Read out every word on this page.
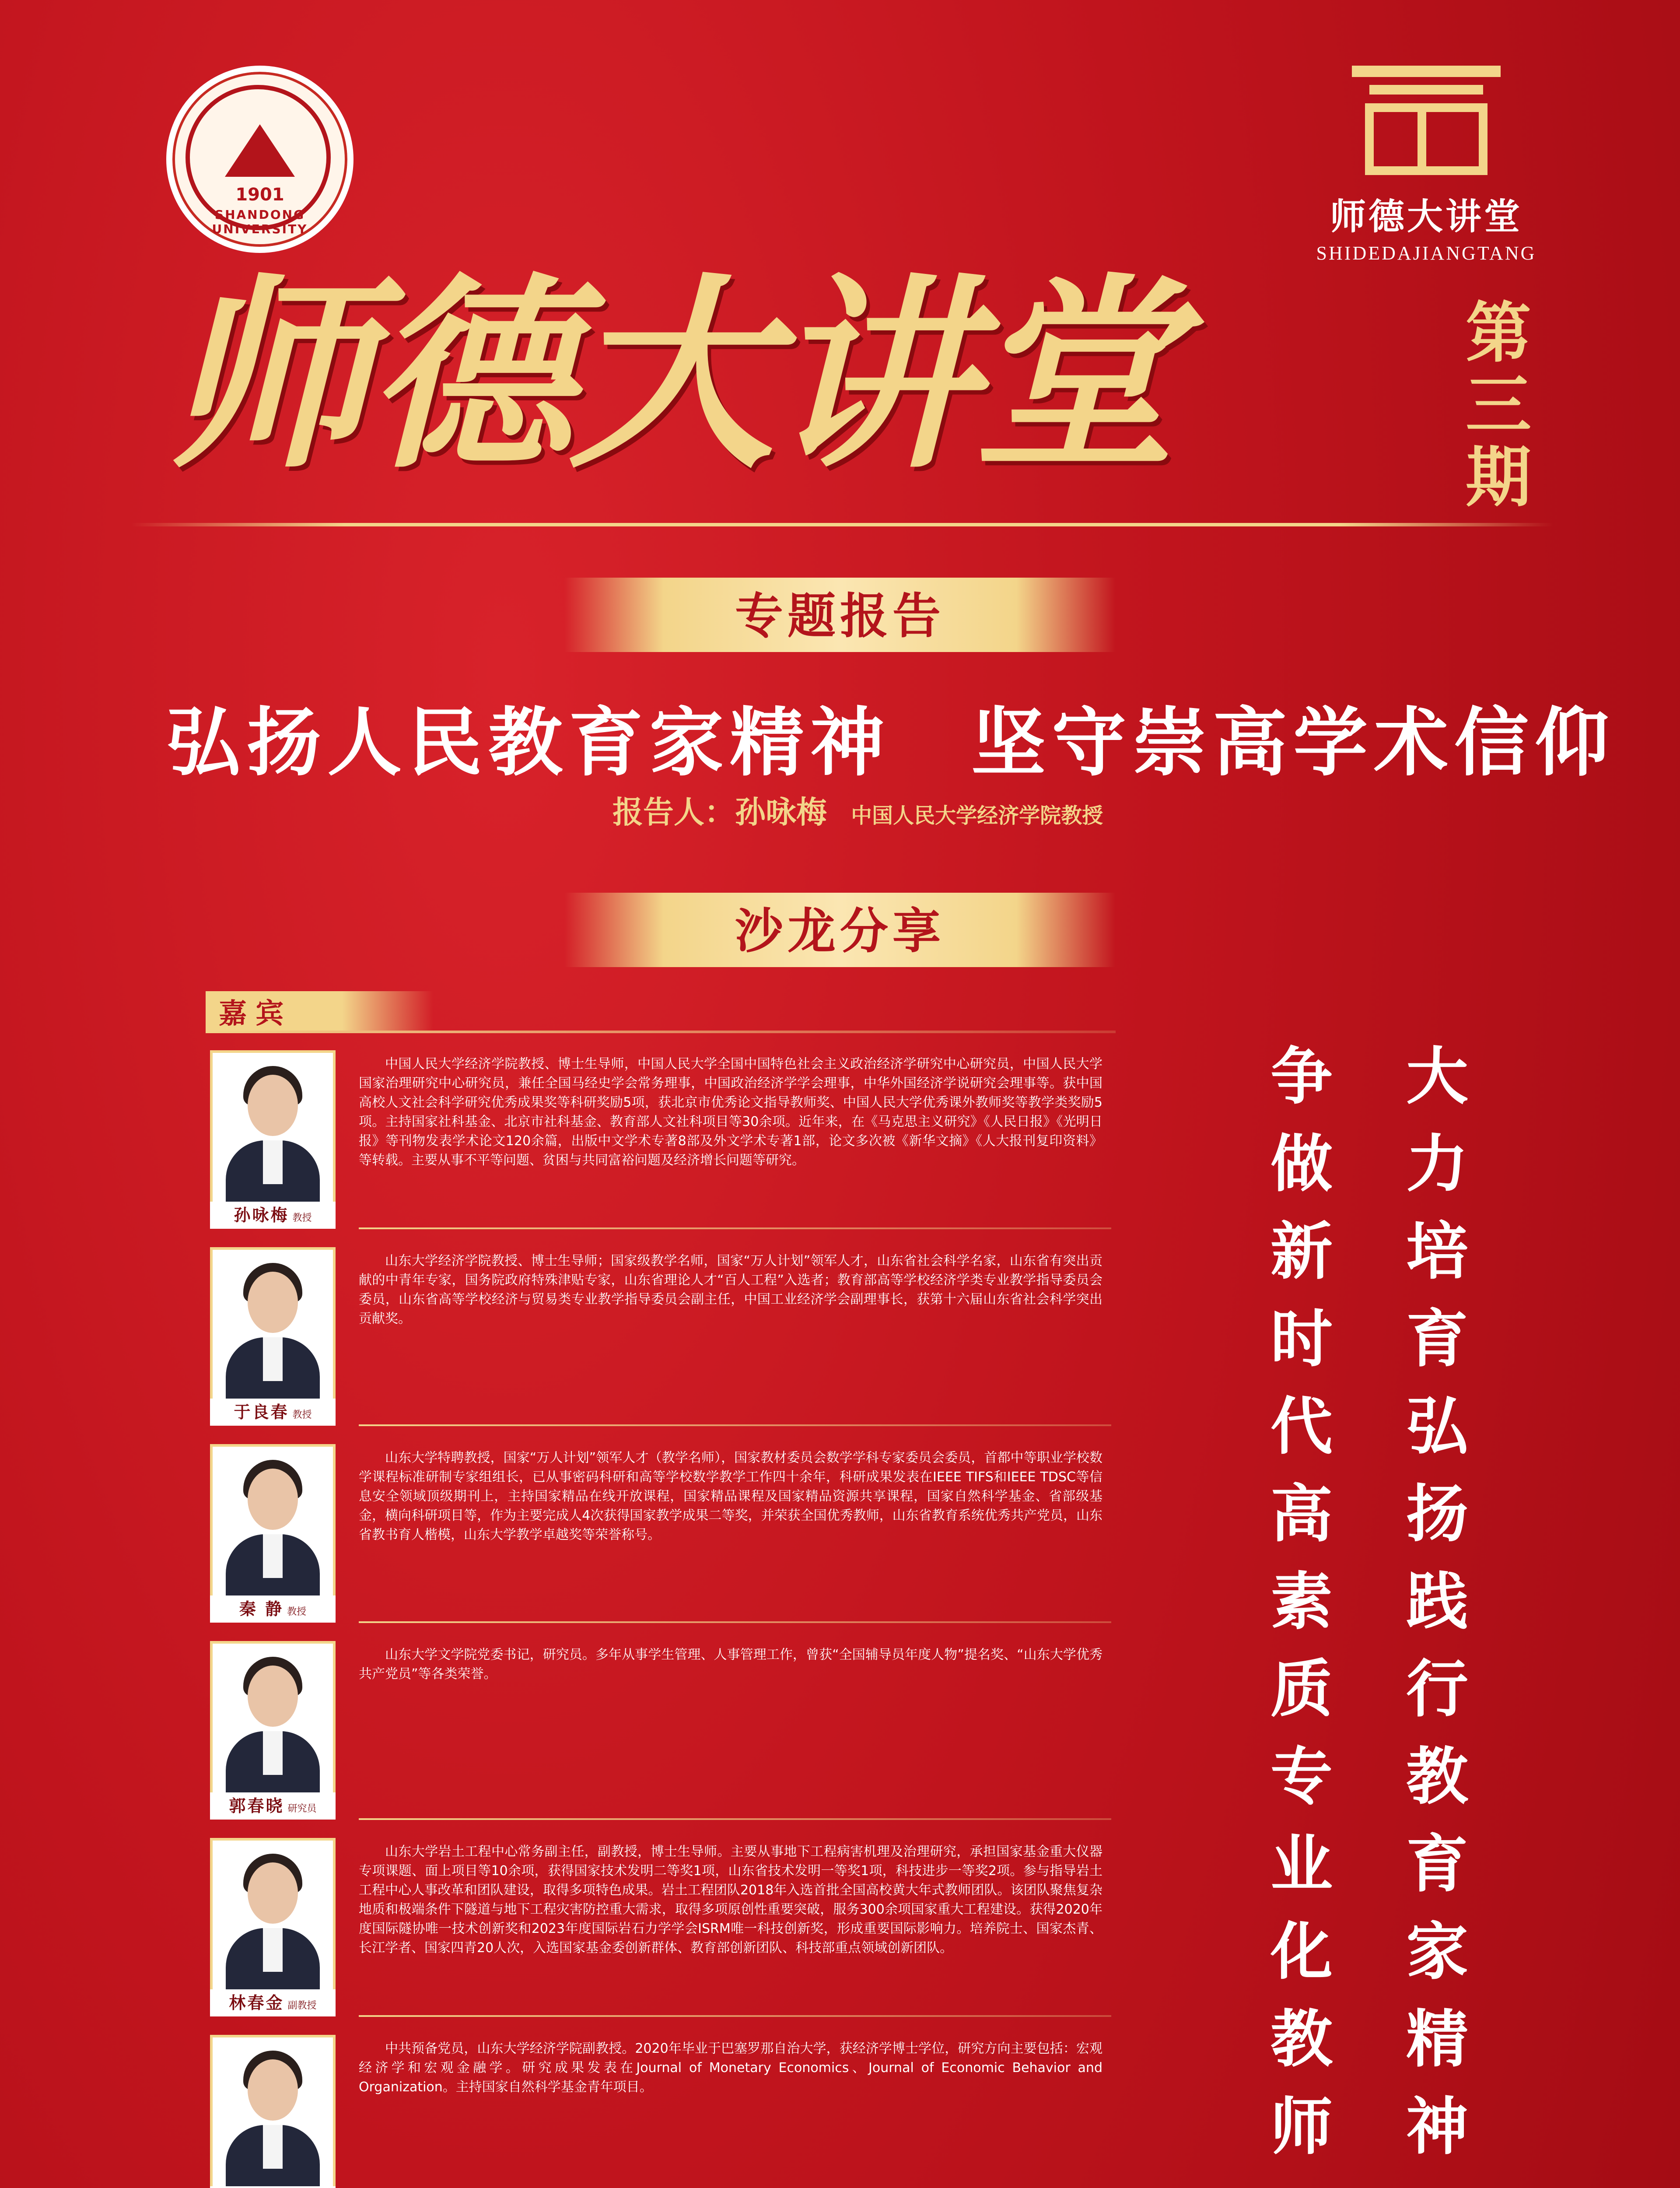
1901
SHANDONG UNIVERSITY	师德大讲堂
SHIDEDAJIANGTANG
师德大讲堂	第
三
期
专题报告
弘扬人民教育家精神　坚守崇高学术信仰
报告人：孙咏梅 中国人民大学经济学院教授
沙龙分享
嘉宾
孙咏梅 教授
中国人民大学经济学院教授、博士生导师，中国人民大学全国中国特色社会主义政治经济学研究中心研究员，中国人民大学国家治理研究中心研究员，兼任全国马经史学会常务理事，中国政治经济学学会理事，中华外国经济学说研究会理事等。获中国高校人文社会科学研究优秀成果奖等科研奖励5项，获北京市优秀论文指导教师奖、中国人民大学优秀课外教师奖等教学类奖励5项。主持国家社科基金、北京市社科基金、教育部人文社科项目等30余项。近年来，在《马克思主义研究》《人民日报》《光明日报》等刊物发表学术论文120余篇，出版中文学术专著8部及外文学术专著1部，论文多次被《新华文摘》《人大报刊复印资料》等转载。主要从事不平等问题、贫困与共同富裕问题及经济增长问题等研究。
于良春 教授
山东大学经济学院教授、博士生导师；国家级教学名师，国家“万人计划”领军人才，山东省社会科学名家，山东省有突出贡献的中青年专家，国务院政府特殊津贴专家，山东省理论人才“百人工程”入选者；教育部高等学校经济学类专业教学指导委员会委员，山东省高等学校经济与贸易类专业教学指导委员会副主任，中国工业经济学会副理事长，获第十六届山东省社会科学突出贡献奖。
秦 静 教授
山东大学特聘教授，国家“万人计划”领军人才（教学名师），国家教材委员会数学学科专家委员会委员，首都中等职业学校数学课程标准研制专家组组长，已从事密码科研和高等学校数学教学工作四十余年，科研成果发表在IEEE TIFS和IEEE TDSC等信息安全领域顶级期刊上，主持国家精品在线开放课程，国家精品课程及国家精品资源共享课程，国家自然科学基金、省部级基金，横向科研项目等，作为主要完成人4次获得国家教学成果二等奖，并荣获全国优秀教师，山东省教育系统优秀共产党员，山东省教书育人楷模，山东大学教学卓越奖等荣誉称号。
郭春晓 研究员
山东大学文学院党委书记，研究员。多年从事学生管理、人事管理工作，曾获“全国辅导员年度人物”提名奖、“山东大学优秀共产党员”等各类荣誉。
林春金 副教授
山东大学岩土工程中心常务副主任，副教授，博士生导师。主要从事地下工程病害机理及治理研究，承担国家基金重大仪器专项课题、面上项目等10余项，获得国家技术发明二等奖1项，山东省技术发明一等奖1项，科技进步一等奖2项。参与指导岩土工程中心人事改革和团队建设，取得多项特色成果。岩土工程团队2018年入选首批全国高校黄大年式教师团队。该团队聚焦复杂地质和极端条件下隧道与地下工程灾害防控重大需求，取得多项原创性重要突破，服务300余项国家重大工程建设。获得2020年度国际隧协唯一技术创新奖和2023年度国际岩石力学学会ISRM唯一科技创新奖，形成重要国际影响力。培养院士、国家杰青、长江学者、国家四青20人次，入选国家基金委创新群体、教育部创新团队、科技部重点领域创新团队。
中共预备党员，山东大学经济学院副教授。2020年毕业于巴塞罗那自治大学，获经济学博士学位，研究方向主要包括：宏观经济学和宏观金融学。研究成果发表在Journal of Monetary Economics、Journal of Economic Behavior and Organization。主持国家自然科学基金青年项目。
大
力
培
育
弘
扬
践
行
教
育
家
精
神
争
做
新
时
代
高
素
质
专
业
化
教
师
